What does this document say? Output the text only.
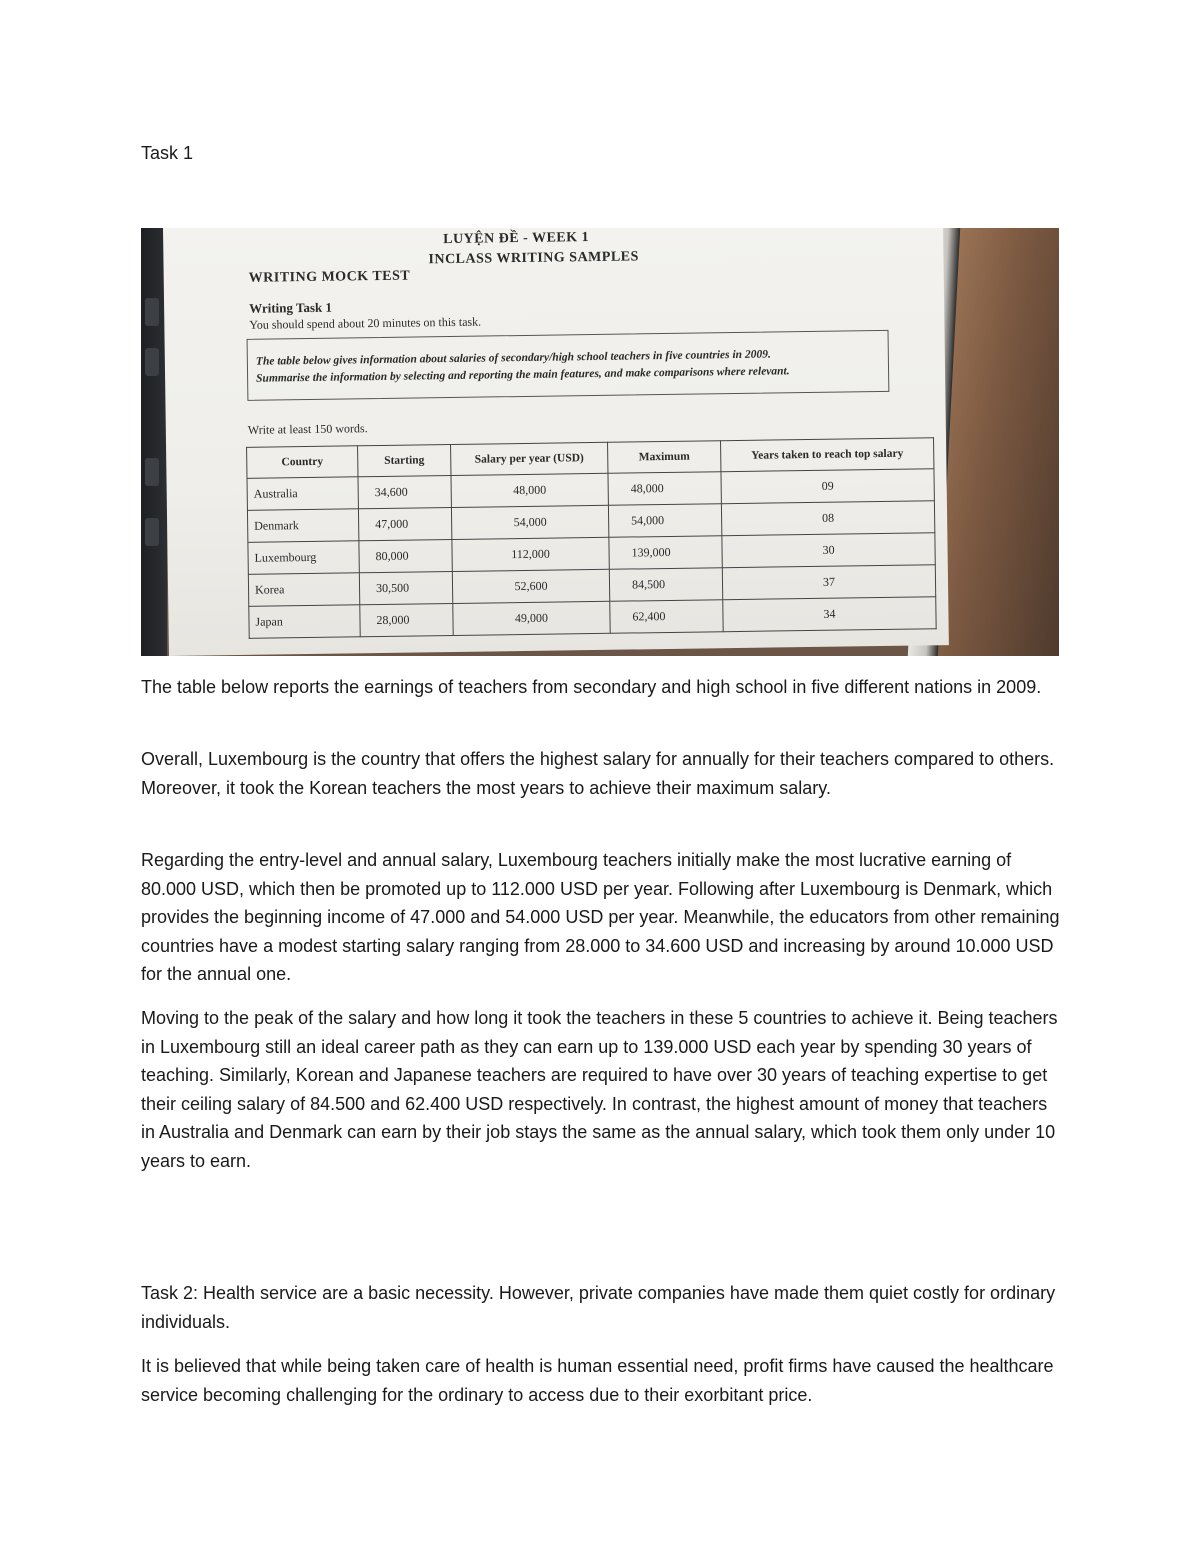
Task 1
LUYỆN ĐỀ - WEEK 1
INCLASS WRITING SAMPLES
WRITING MOCK TEST
Writing Task 1
You should spend about 20 minutes on this task.
The table below gives information about salaries of secondary/high school teachers in five countries in 2009.
Summarise the information by selecting and reporting the main features, and make comparisons where relevant.
Write at least 150 words.
Country	Starting	Salary per year (USD)	Maximum	Years taken to reach top salary
Australia	34,600	48,000	48,000	09
Denmark	47,000	54,000	54,000	08
Luxembourg	80,000	112,000	139,000	30
Korea	30,500	52,600	84,500	37
Japan	28,000	49,000	62,400	34

The table below reports the earnings of teachers from secondary and high school in five different nations in 2009.

Overall, Luxembourg is the country that offers the highest salary for annually for their teachers compared to others. Moreover, it took the Korean teachers the most years to achieve their maximum salary.

Regarding the entry-level and annual salary, Luxembourg teachers initially make the most lucrative earning of 80.000 USD, which then be promoted up to 112.000 USD per year. Following after Luxembourg is Denmark, which provides the beginning income of 47.000 and 54.000 USD per year. Meanwhile, the educators from other remaining countries have a modest starting salary ranging from 28.000 to 34.600 USD and increasing by around 10.000 USD for the annual one.

Moving to the peak of the salary and how long it took the teachers in these 5 countries to achieve it. Being teachers in Luxembourg still an ideal career path as they can earn up to 139.000 USD each year by spending 30 years of teaching. Similarly, Korean and Japanese teachers are required to have over 30 years of teaching expertise to get their ceiling salary of 84.500 and 62.400 USD respectively. In contrast, the highest amount of money that teachers in Australia and Denmark can earn by their job stays the same as the annual salary, which took them only under 10 years to earn.

Task 2: Health service are a basic necessity. However, private companies have made them quiet costly for ordinary individuals.

It is believed that while being taken care of health is human essential need, profit firms have caused the healthcare service becoming challenging for the ordinary to access due to their exorbitant price.
